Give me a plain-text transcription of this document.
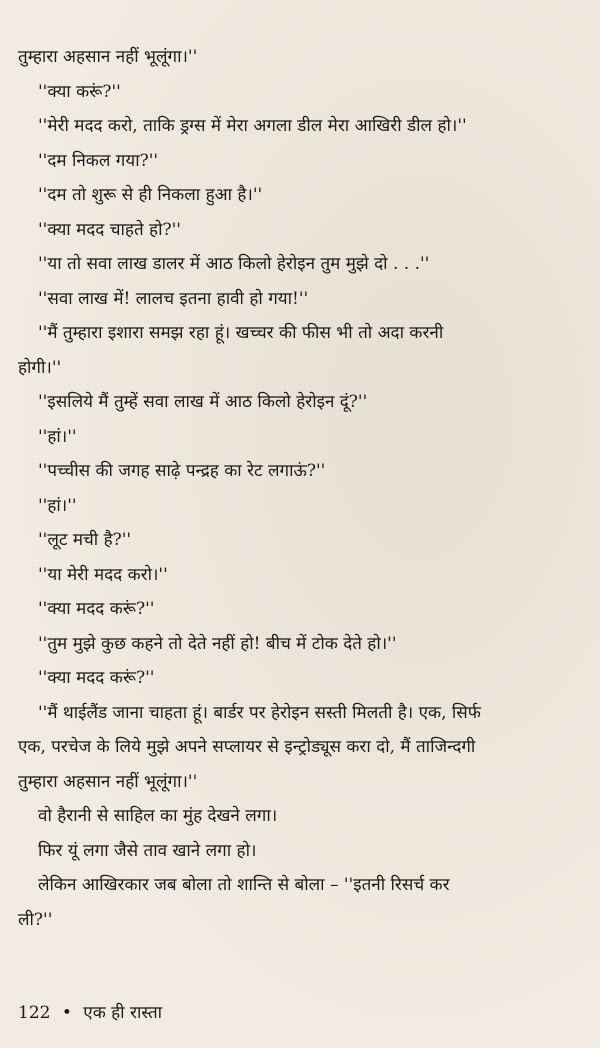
तुम्हारा अहसान नहीं भूलूंगा।''
''क्या करूं?''
''मेरी मदद करो, ताकि ड्रग्स में मेरा अगला डील मेरा आखिरी डील हो।''
''दम निकल गया?''
''दम तो शुरू से ही निकला हुआ है।''
''क्या मदद चाहते हो?''
''या तो सवा लाख डालर में आठ किलो हेरोइन तुम मुझे दो . . .''
''सवा लाख में! लालच इतना हावी हो गया!''
''मैं तुम्हारा इशारा समझ रहा हूं। खच्चर की फीस भी तो अदा करनी
होगी।''
''इसलिये मैं तुम्हें सवा लाख में आठ किलो हेरोइन दूं?''
''हां।''
''पच्चीस की जगह साढ़े पन्द्रह का रेट लगाऊं?''
''हां।''
''लूट मची है?''
''या मेरी मदद करो।''
''क्या मदद करूं?''
''तुम मुझे कुछ कहने तो देते नहीं हो! बीच में टोक देते हो।''
''क्या मदद करूं?''
''मैं थाईलैंड जाना चाहता हूं। बार्डर पर हेरोइन सस्ती मिलती है। एक, सिर्फ
एक, परचेज के लिये मुझे अपने सप्लायर से इन्ट्रोड्यूस करा दो, मैं ताजिन्दगी
तुम्हारा अहसान नहीं भूलूंगा।''
वो हैरानी से साहिल का मुंह देखने लगा।
फिर यूं लगा जैसे ताव खाने लगा हो।
लेकिन आखिरकार जब बोला तो शान्ति से बोला – ''इतनी रिसर्च कर
ली?''
122 • एक ही रास्ता
